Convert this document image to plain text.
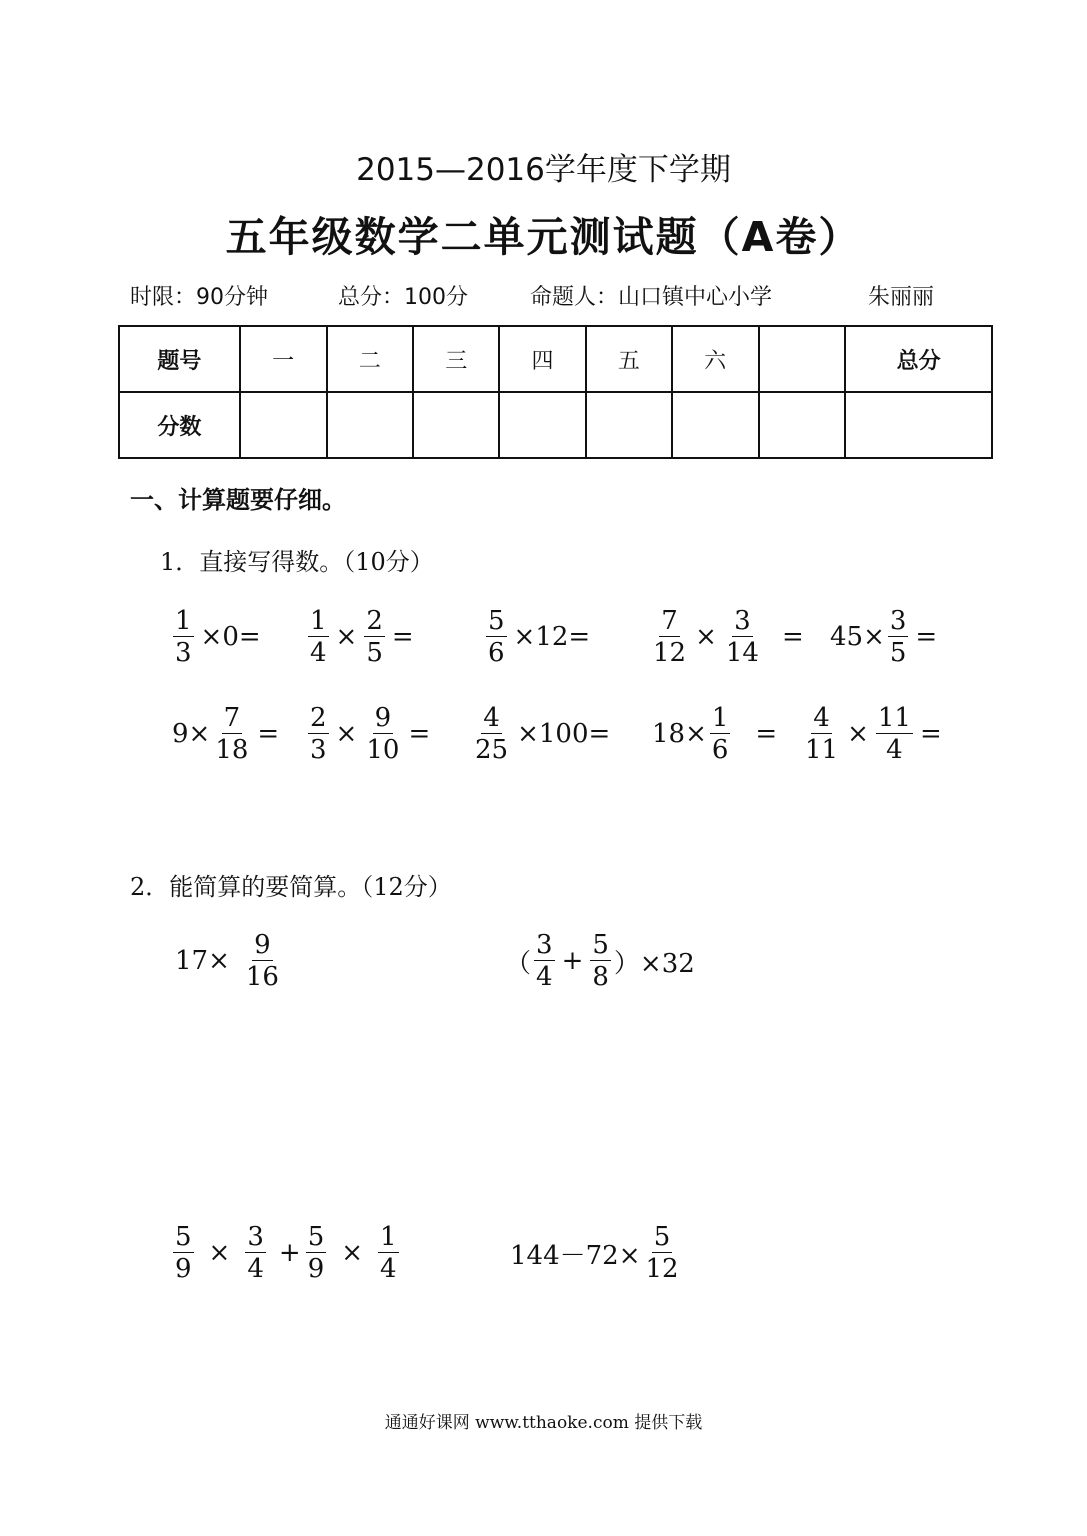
2015—2016学年度下学期
五年级数学二单元测试题（A卷）
时限：90分钟	总分：100分	命题人：山口镇中心小学	朱丽丽
题号	一	二	三	四	五	六		总分
分数								
一、计算题要仔细。
1．直接写得数。（10分）
$\frac{1}{3} \times 0= \frac{1}{4} \times \frac{2}{5}$ =	$\frac{5}{6} \times 12= \frac{7}{12} \times \frac{3}{14} = 45\times \frac{3}{5}$ =
$9\times \frac{7}{18} = \frac{2}{3} \times \frac{9}{10} = \frac{4}{25} \times 100= 18\times \frac{1}{6} = \frac{4}{11} \times \frac{11}{4}$ =
2．能简算的要简算。（12分）
$17\times \frac{9}{16}$	（ $\frac{3}{4} + \frac{5}{8} )\times 32$
$\frac{5}{9} \times \frac{3}{4} + \frac{5}{9} \times \frac{1}{4}$	$144-72\times \frac{5}{12}$
通通好课网 www.tthaoke.com 提供下载
